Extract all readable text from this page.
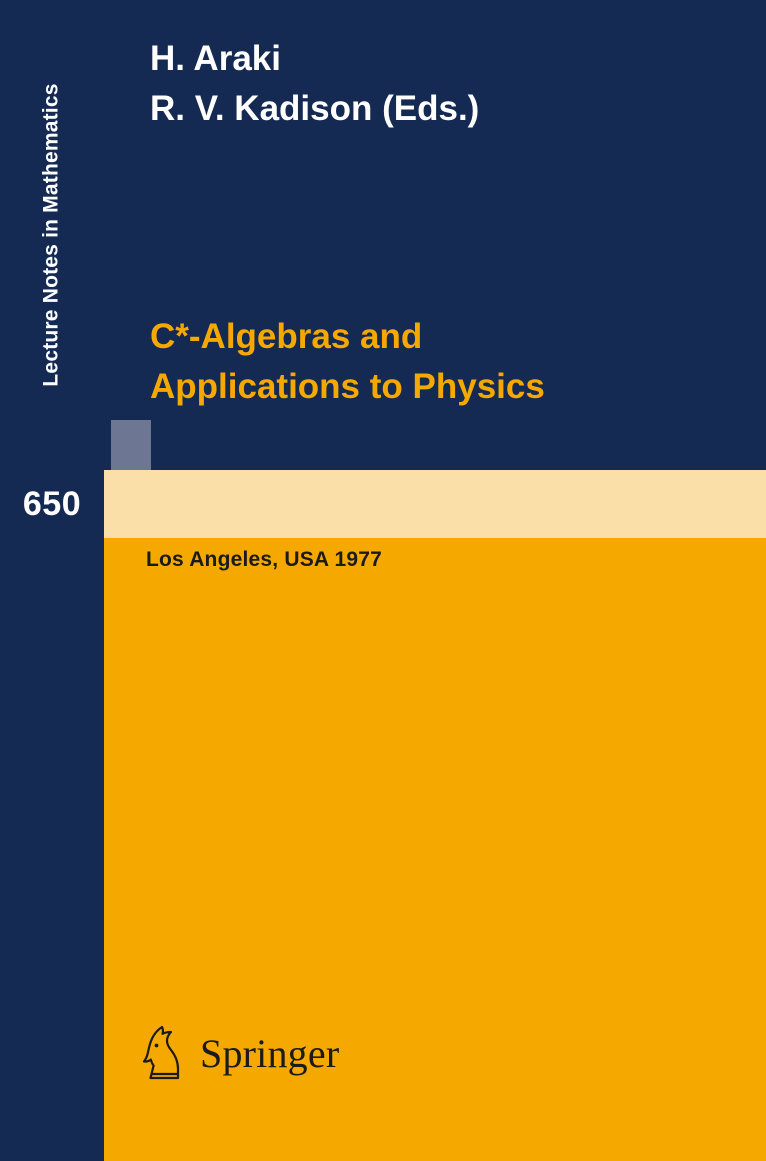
Lecture Notes in Mathematics
650
H. Araki
R. V. Kadison (Eds.)
C*-Algebras and
Applications to Physics
Los Angeles, USA 1977
Springer
